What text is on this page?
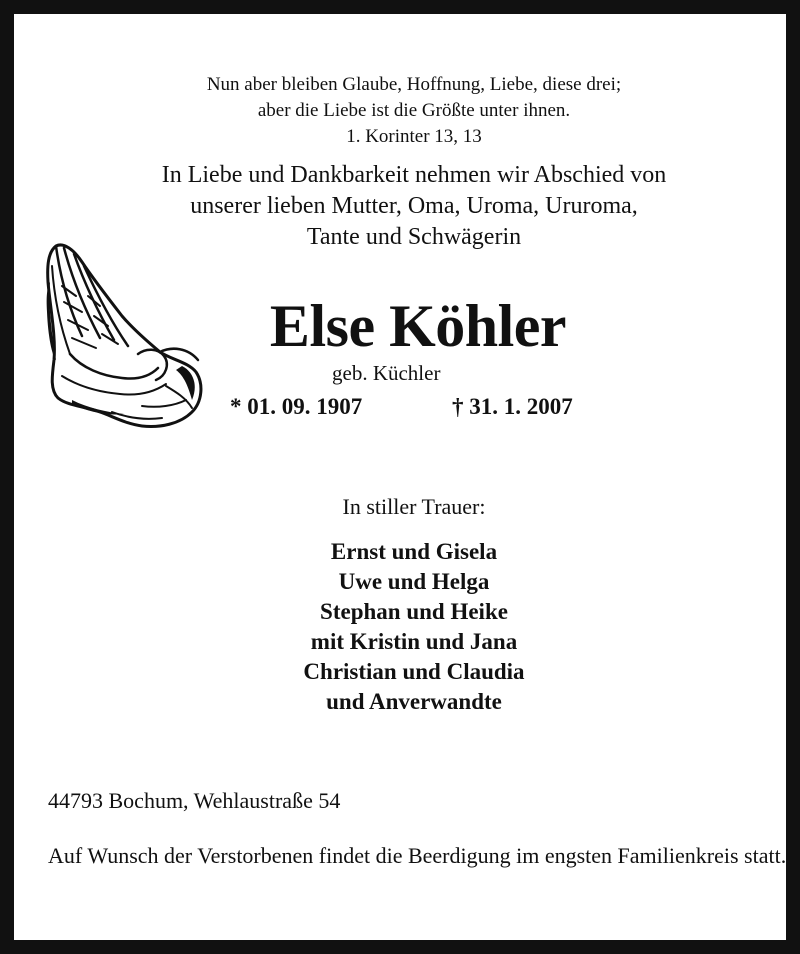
Nun aber bleiben Glaube, Hoffnung, Liebe, diese drei;
aber die Liebe ist die Größte unter ihnen.
1. Korinter 13, 13
In Liebe und Dankbarkeit nehmen wir Abschied von
unserer lieben Mutter, Oma, Uroma, Ururoma,
Tante und Schwägerin
Else Köhler
geb. Küchler
* 01. 09. 1907	† 31. 1. 2007
In stiller Trauer:
Ernst und Gisela
Uwe und Helga
Stephan und Heike
mit Kristin und Jana
Christian und Claudia
und Anverwandte

44793 Bochum, Wehlaustraße 54

Auf Wunsch der Verstorbenen findet die Beerdigung im engsten Familienkreis statt.
